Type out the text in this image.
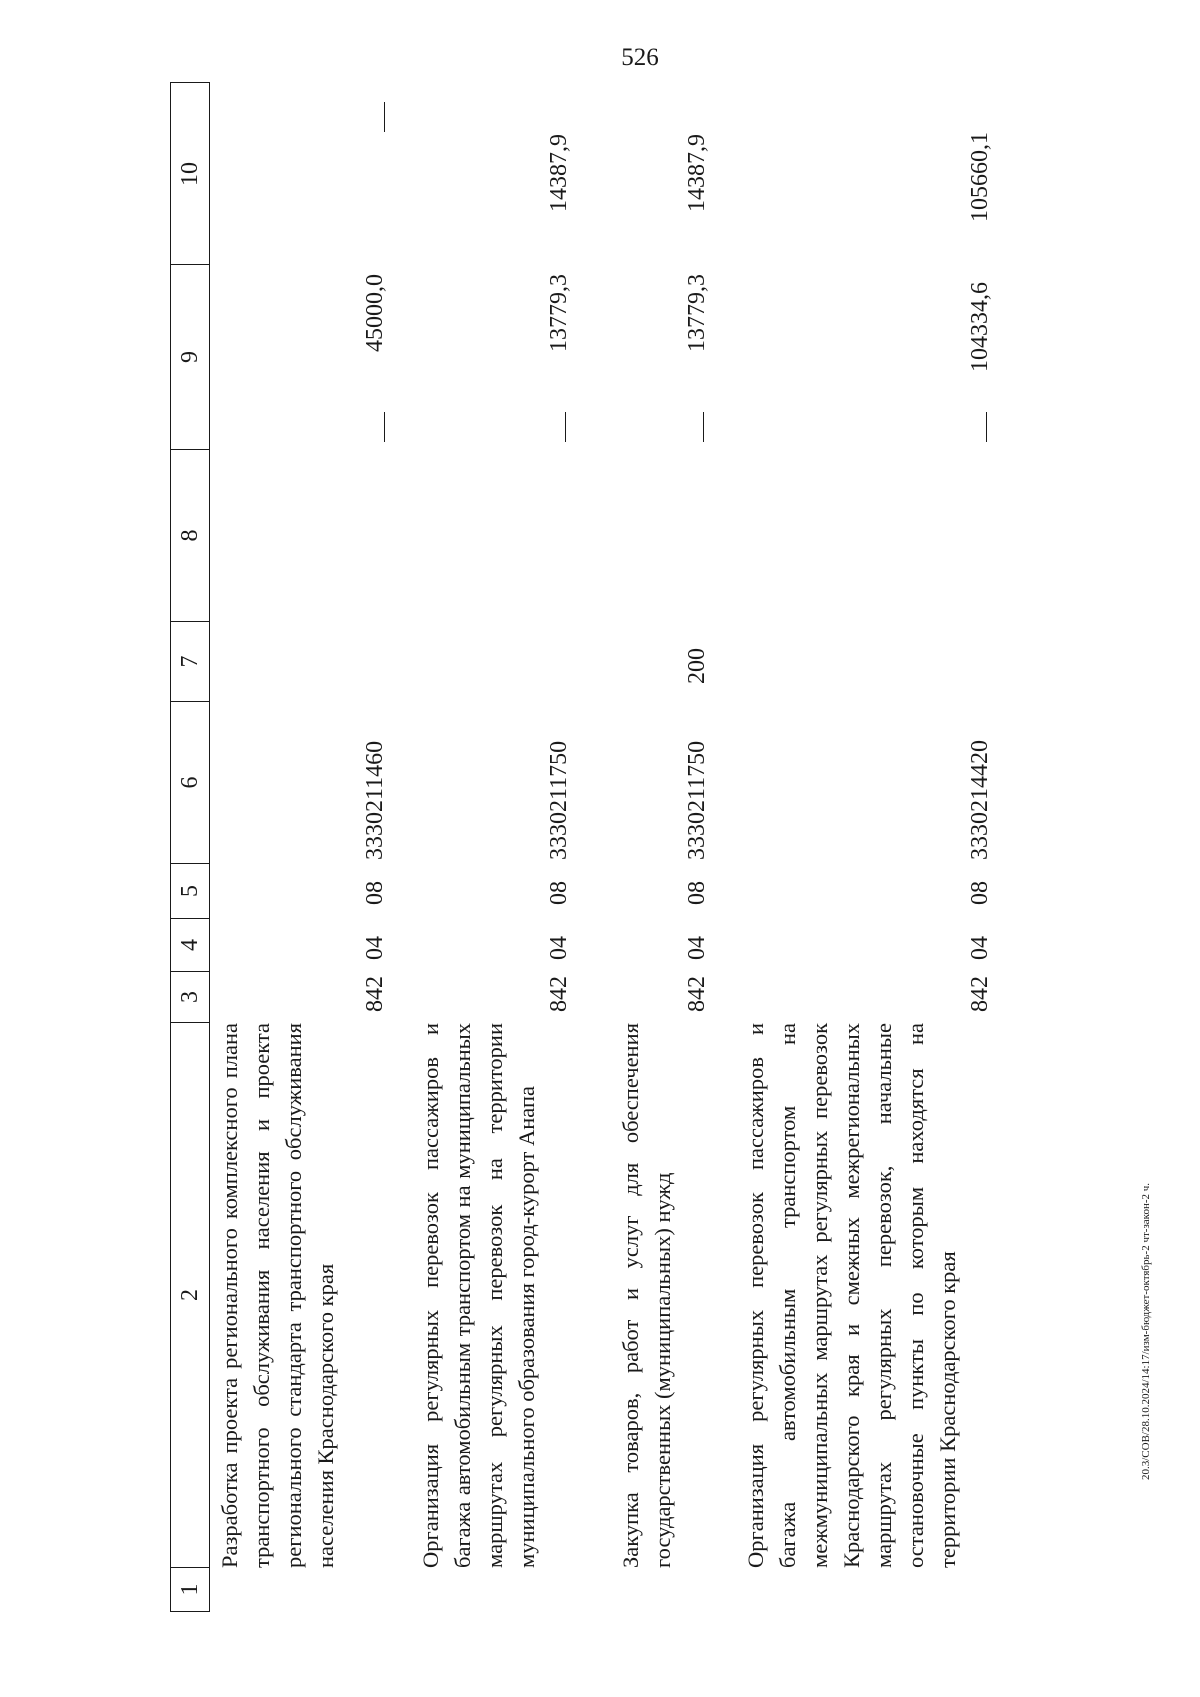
526
20.3/СОВ/28.10.2024/14:17/изм-бюджет-октябрь-2 чт-закон-2 ч.
1
2
3
4
5
6
7
8
9
10
Разработка проекта регионального комплексного плана транспортного обслуживания населения и проекта регионального стандарта транспортного обслуживания населения Краснодарского края
842
04
08
3330211460
45000,0
Организация регулярных перевозок пассажиров и багажа автомобильным транспортом на муниципальных маршрутах регулярных перевозок на территории муниципального образования город-курорт Анапа
842
04
08
3330211750
13779,3
14387,9
Закупка товаров, работ и услуг для обеспечения государственных (муниципальных) нужд
842
04
08
3330211750
200
13779,3
14387,9
Организация регулярных перевозок пассажиров и багажа автомобильным транспортом на межмуниципальных маршрутах регулярных перевозок Краснодарского края и смежных межрегиональных маршрутах регулярных перевозок, начальные остановочные пункты по которым находятся на территории Краснодарского края
842
04
08
3330214420
104334,6
105660,1
